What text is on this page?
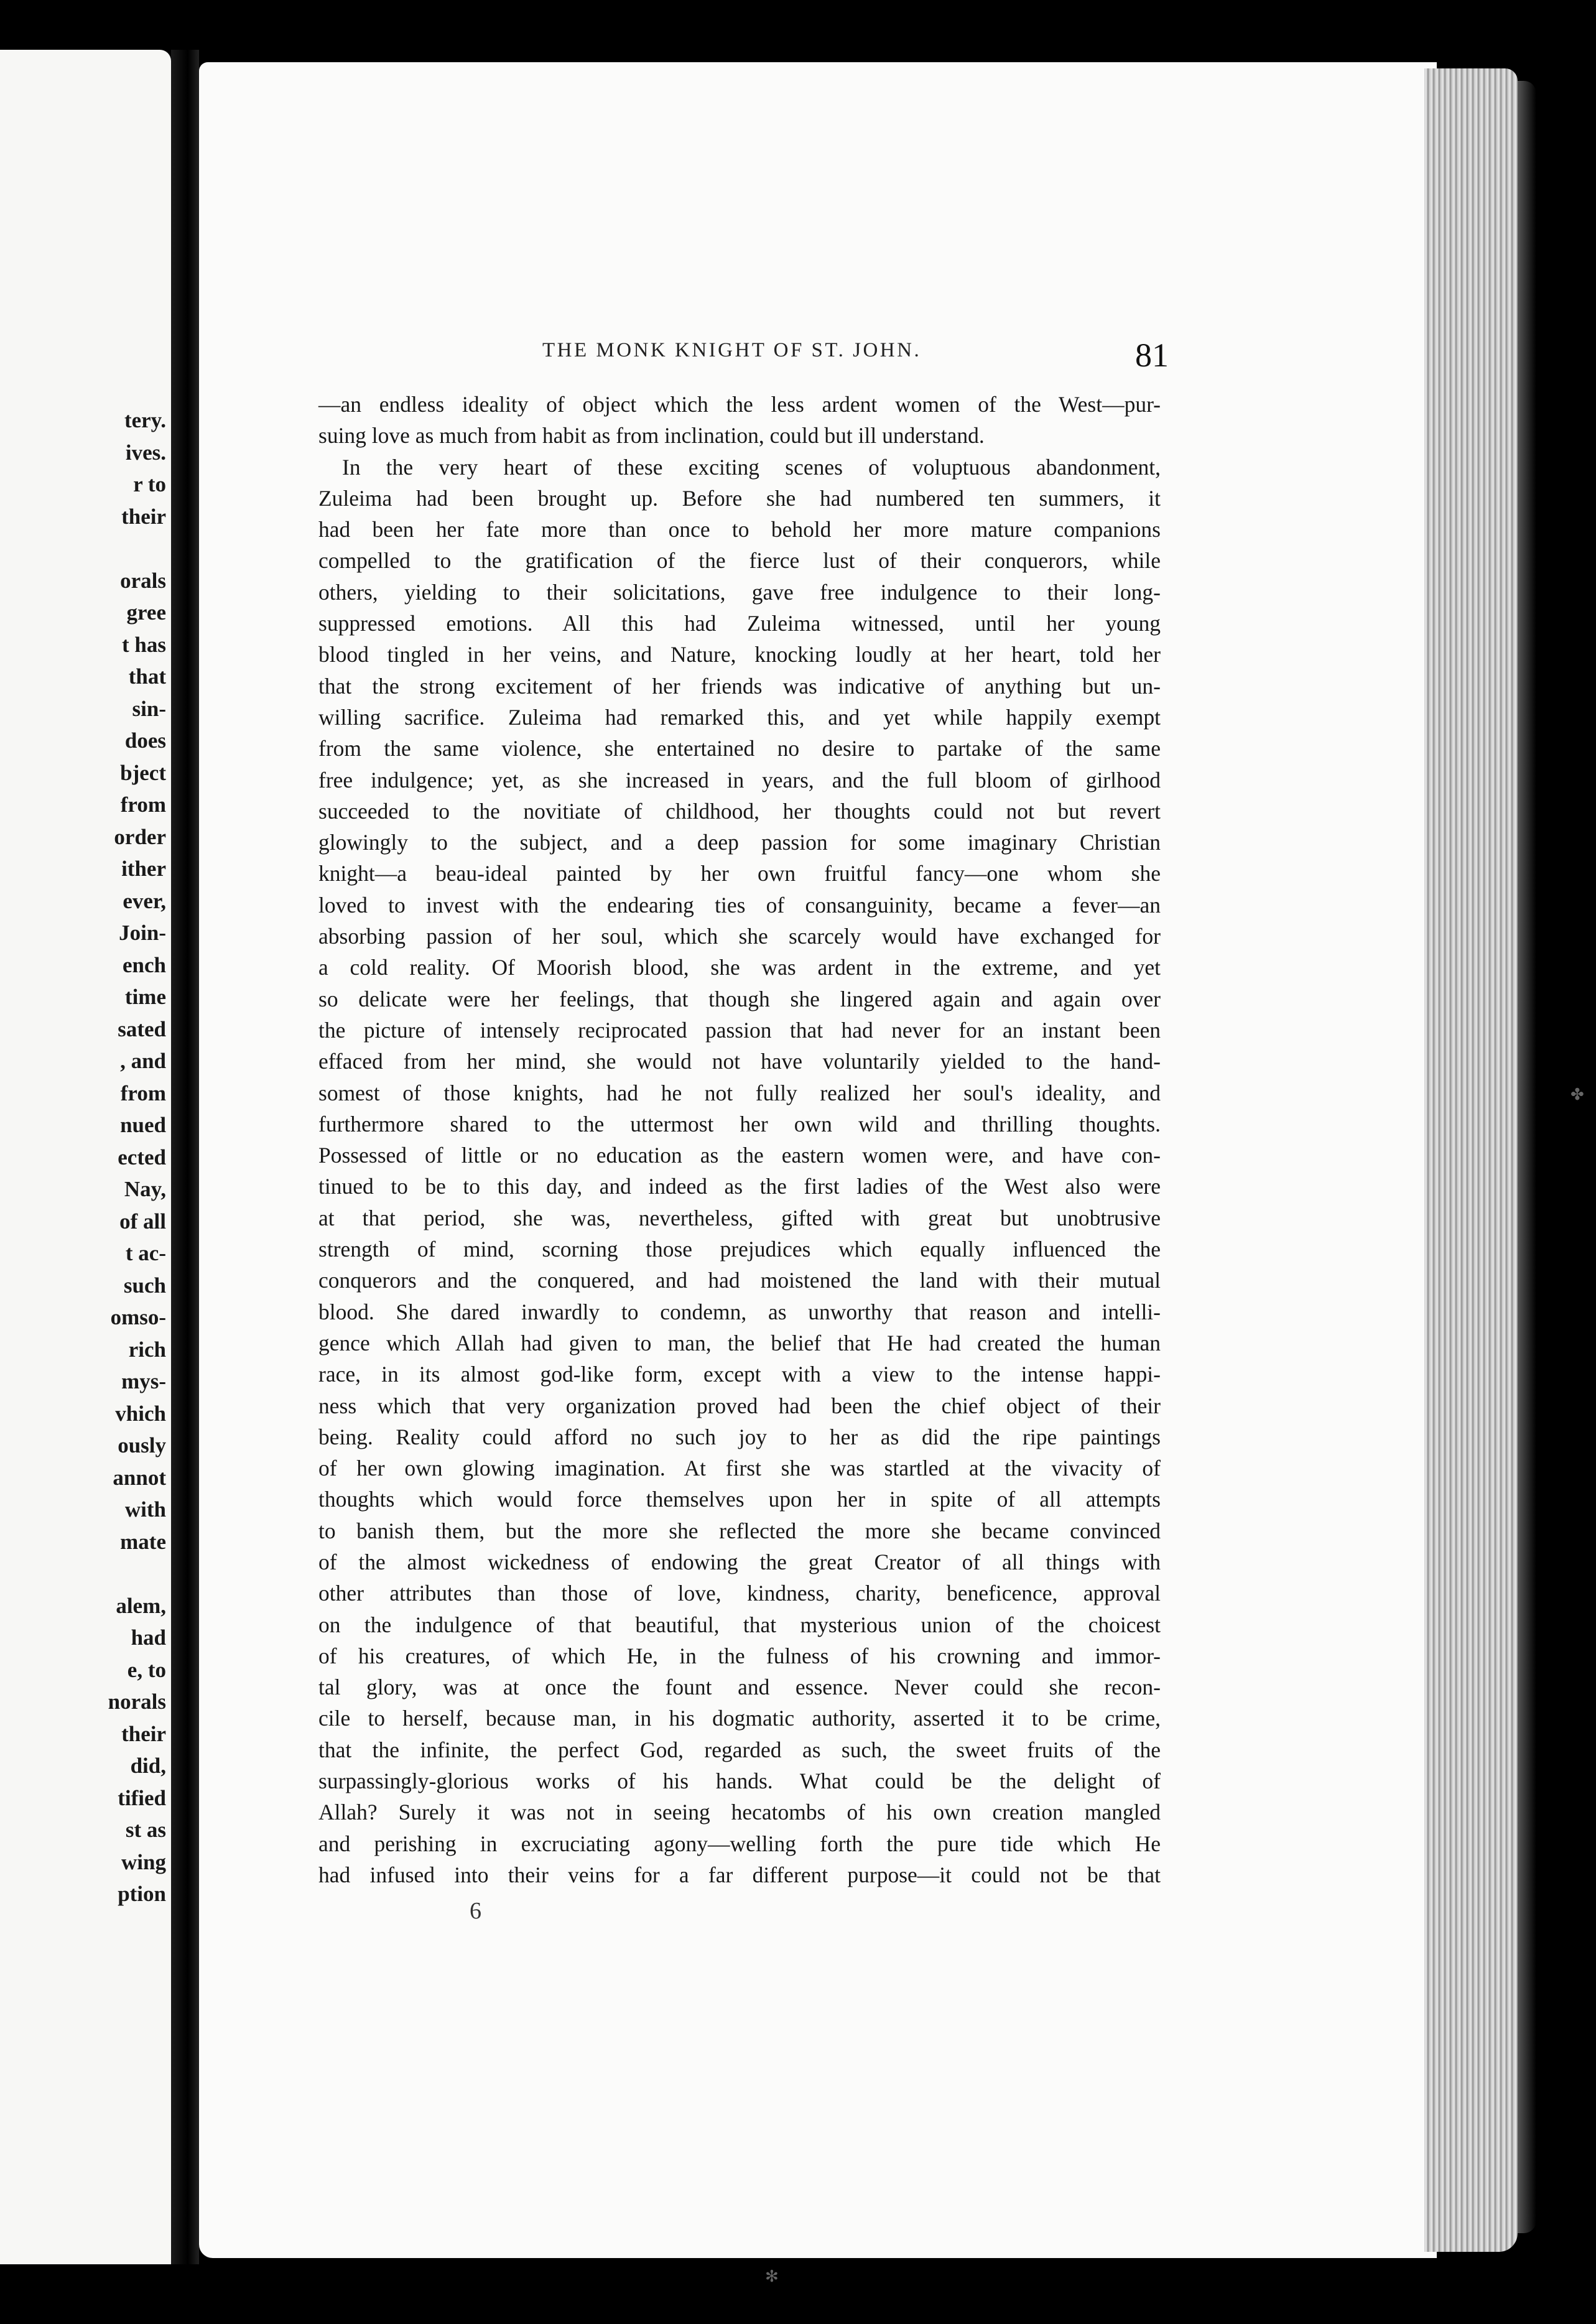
tery.
ives.
r to
their

orals
gree
t has
that
sin-
does
bject
from
order
ither
ever,
Join-
ench
time
sated
, and
from
nued
ected
Nay,
of all
t ac-
such
omso-
rich
mys-
vhich
ously
annot
with
mate

alem,
had
e, to
norals
their
did,
tified
st as
wing
ption
THE MONK KNIGHT OF ST. JOHN.	81
—an endless ideality of object which the less ardent women of the West—pur-
suing love as much from habit as from inclination, could but ill understand.
In the very heart of these exciting scenes of voluptuous abandonment,
Zuleima had been brought up. Before she had numbered ten summers, it
had been her fate more than once to behold her more mature companions
compelled to the gratification of the fierce lust of their conquerors, while
others, yielding to their solicitations, gave free indulgence to their long-
suppressed emotions. All this had Zuleima witnessed, until her young
blood tingled in her veins, and Nature, knocking loudly at her heart, told her
that the strong excitement of her friends was indicative of anything but un-
willing sacrifice. Zuleima had remarked this, and yet while happily exempt
from the same violence, she entertained no desire to partake of the same
free indulgence; yet, as she increased in years, and the full bloom of girlhood
succeeded to the novitiate of childhood, her thoughts could not but revert
glowingly to the subject, and a deep passion for some imaginary Christian
knight—a beau-ideal painted by her own fruitful fancy—one whom she
loved to invest with the endearing ties of consanguinity, became a fever—an
absorbing passion of her soul, which she scarcely would have exchanged for
a cold reality. Of Moorish blood, she was ardent in the extreme, and yet
so delicate were her feelings, that though she lingered again and again over
the picture of intensely reciprocated passion that had never for an instant been
effaced from her mind, she would not have voluntarily yielded to the hand-
somest of those knights, had he not fully realized her soul's ideality, and
furthermore shared to the uttermost her own wild and thrilling thoughts.
Possessed of little or no education as the eastern women were, and have con-
tinued to be to this day, and indeed as the first ladies of the West also were
at that period, she was, nevertheless, gifted with great but unobtrusive
strength of mind, scorning those prejudices which equally influenced the
conquerors and the conquered, and had moistened the land with their mutual
blood. She dared inwardly to condemn, as unworthy that reason and intelli-
gence which Allah had given to man, the belief that He had created the human
race, in its almost god-like form, except with a view to the intense happi-
ness which that very organization proved had been the chief object of their
being. Reality could afford no such joy to her as did the ripe paintings
of her own glowing imagination. At first she was startled at the vivacity of
thoughts which would force themselves upon her in spite of all attempts
to banish them, but the more she reflected the more she became convinced
of the almost wickedness of endowing the great Creator of all things with
other attributes than those of love, kindness, charity, beneficence, approval
on the indulgence of that beautiful, that mysterious union of the choicest
of his creatures, of which He, in the fulness of his crowning and immor-
tal glory, was at once the fount and essence. Never could she recon-
cile to herself, because man, in his dogmatic authority, asserted it to be crime,
that the infinite, the perfect God, regarded as such, the sweet fruits of the
surpassingly-glorious works of his hands. What could be the delight of
Allah? Surely it was not in seeing hecatombs of his own creation mangled
and perishing in excruciating agony—welling forth the pure tide which He
had infused into their veins for a far different purpose—it could not be that
6
✤
✻
